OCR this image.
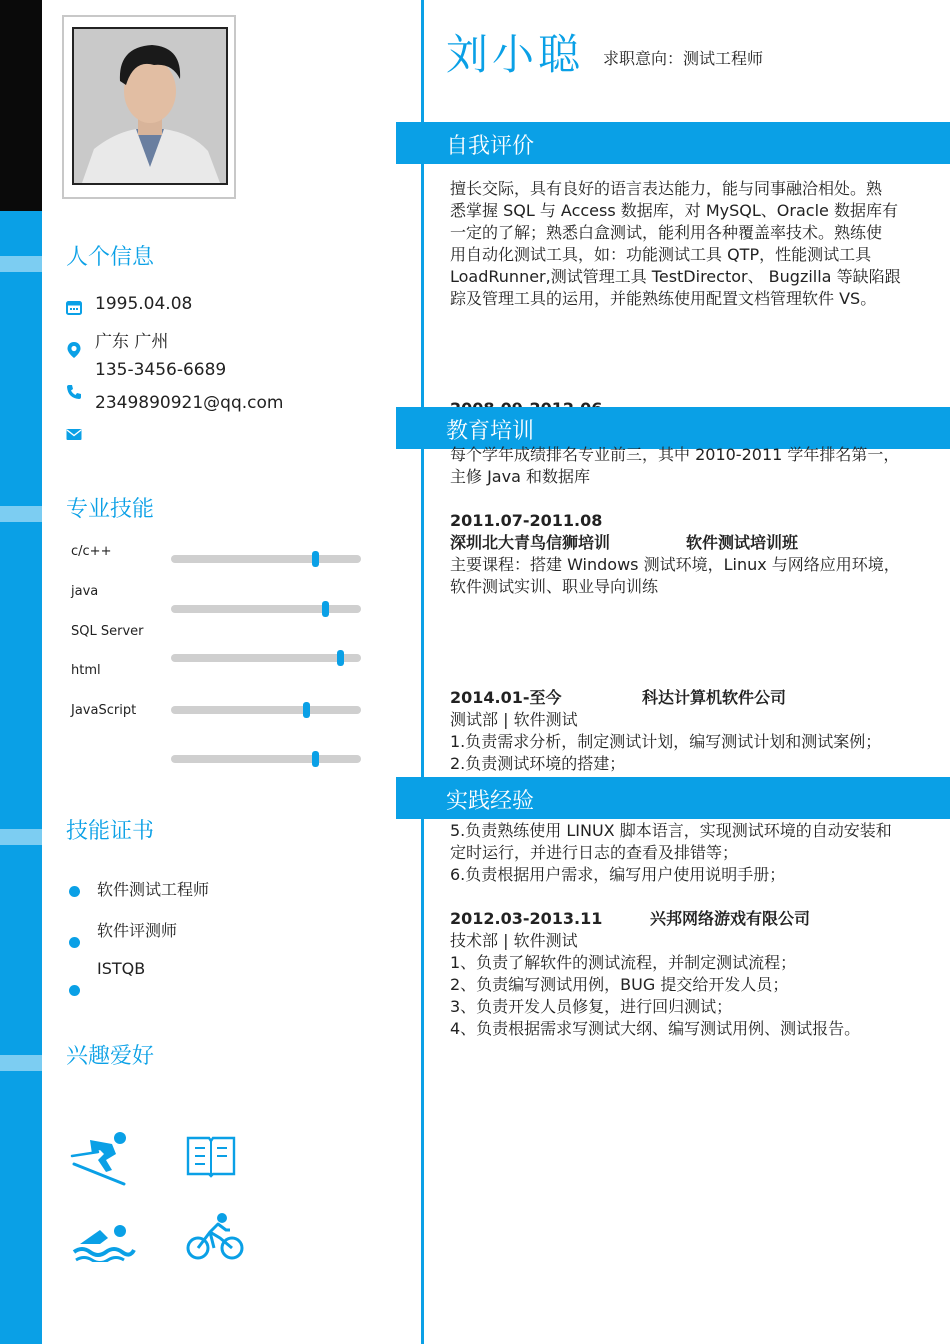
人个信息
1995.04.08
广东 广州
135-3456-6689
2349890921@qq.com
专业技能
c/c++
java
SQL Server
html
JavaScript
技能证书
软件测试工程师
软件评测师
ISTQB
兴趣爱好
刘小聪 求职意向：测试工程师
自我评价
擅长交际，具有良好的语言表达能力，能与同事融洽相处。熟
悉掌握 SQL 与 Access 数据库，对 MySQL、Oracle 数据库有
一定的了解；熟悉白盒测试，能利用各种覆盖率技术。熟练使
用自动化测试工具，如：功能测试工具 QTP，性能测试工具
LoadRunner,测试管理工具 TestDirector、 Bugzilla 等缺陷跟
踪及管理工具的运用，并能熟练使用配置文档管理软件 VS。
教育培训
每个学年成绩排名专业前三，其中 2010-2011 学年排名第一，
主修 Java 和数据库
2011.07-2011.08
深圳北大青鸟信狮培训	软件测试培训班
主要课程：搭建 Windows 测试环境，Linux 与网络应用环境，
软件测试实训、职业导向训练
2014.01-至今	科达计算机软件公司
测试部 | 软件测试
1.负责需求分析，制定测试计划，编写测试计划和测试案例；
2.负责测试环境的搭建；
实践经验
5.负责熟练使用 LINUX 脚本语言，实现测试环境的自动安装和
定时运行，并进行日志的查看及排错等；
6.负责根据用户需求，编写用户使用说明手册；
2012.03-2013.11	兴邦网络游戏有限公司
技术部 | 软件测试
1、负责了解软件的测试流程，并制定测试流程；
2、负责编写测试用例，BUG 提交给开发人员；
3、负责开发人员修复，进行回归测试；
4、负责根据需求写测试大纲、编写测试用例、测试报告。
